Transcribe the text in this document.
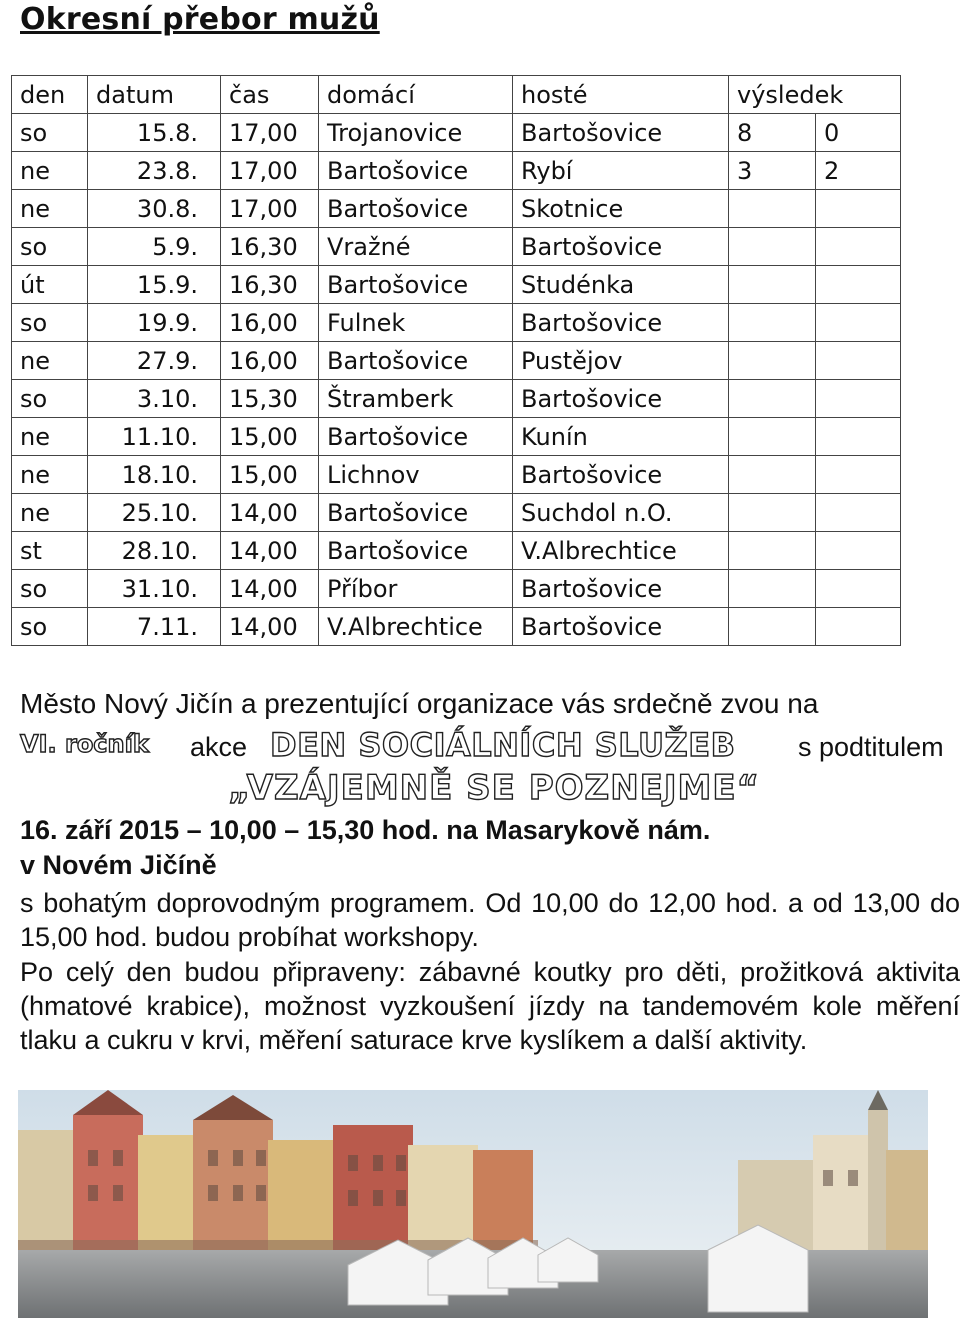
Okresní přebor mužů
den	datum	čas	domácí	hosté	výsledek	
so	15.8.	17,00	Trojanovice	Bartošovice	8	0
ne	23.8.	17,00	Bartošovice	Rybí	3	2
ne	30.8.	17,00	Bartošovice	Skotnice		
so	5.9.	16,30	Vražné	Bartošovice		
út	15.9.	16,30	Bartošovice	Studénka		
so	19.9.	16,00	Fulnek	Bartošovice		
ne	27.9.	16,00	Bartošovice	Pustějov		
so	3.10.	15,30	Štramberk	Bartošovice		
ne	11.10.	15,00	Bartošovice	Kunín		
ne	18.10.	15,00	Lichnov	Bartošovice		
ne	25.10.	14,00	Bartošovice	Suchdol n.O.		
st	28.10.	14,00	Bartošovice	V.Albrechtice		
so	31.10.	14,00	Příbor	Bartošovice		
so	7.11.	14,00	V.Albrechtice	Bartošovice		
Město Nový Jičín a prezentující organizace vás srdečně zvou na
VI. ročník akce DEN SOCIÁLNÍCH SLUŽEB s podtitulem
„VZÁJEMNĚ SE POZNEJME“
16. září 2015 – 10,00 – 15,30 hod. na Masarykově nám.
v Novém Jičíně
s bohatým doprovodným programem. Od 10,00 do 12,00 hod. a od 13,00 do 15,00 hod. budou probíhat workshopy.
Po celý den budou připraveny: zábavné koutky pro děti, prožitková aktivita (hmatové krabice), možnost vyzkoušení jízdy na tandemovém kole měření tlaku a cukru v krvi, měření saturace krve kyslíkem a další aktivity.
